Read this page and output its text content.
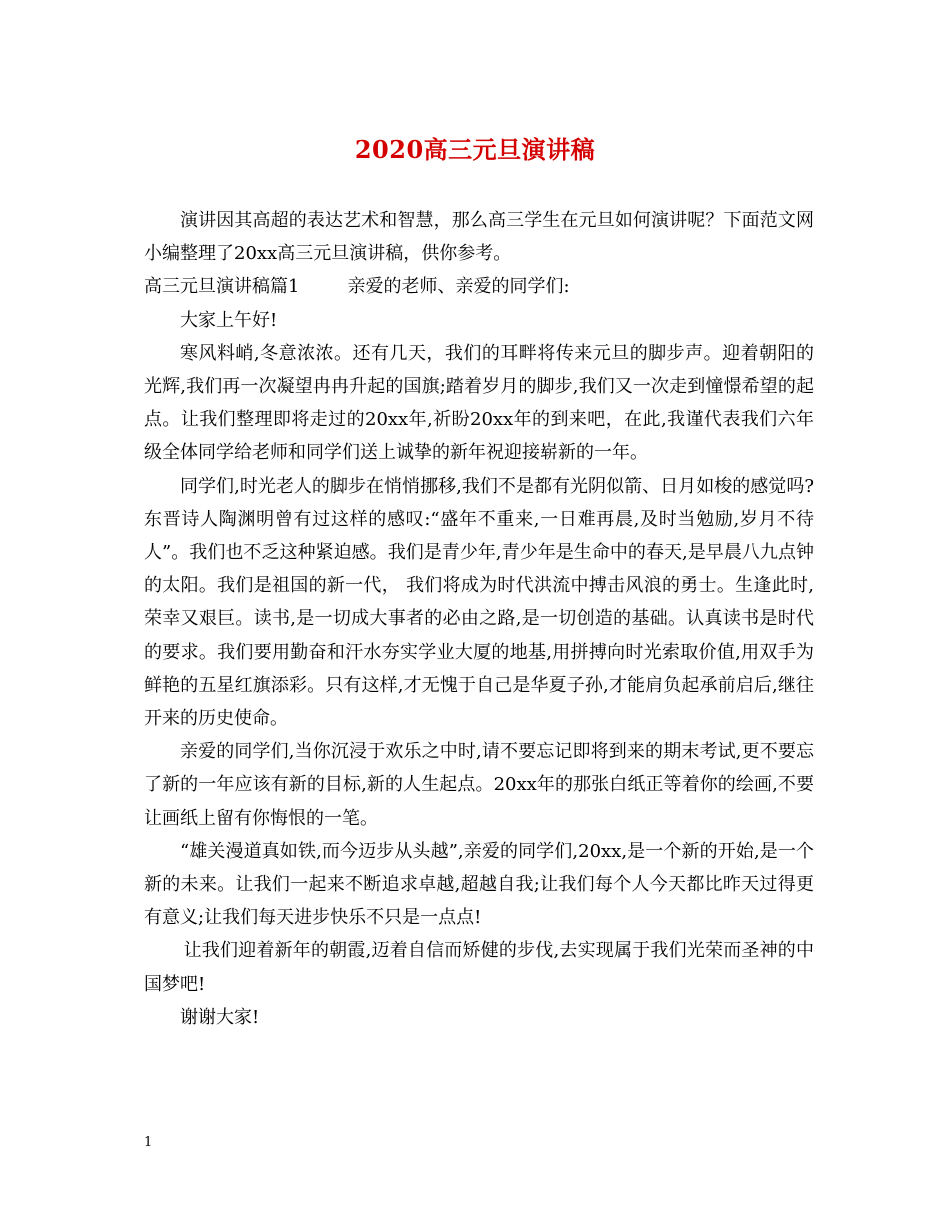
2020高三元旦演讲稿

演讲因其高超的表达艺术和智慧，那么高三学生在元旦如何演讲呢？下面范文网小编整理了20xx高三元旦演讲稿，供你参考。

高三元旦演讲稿篇1	亲爱的老师、亲爱的同学们:

大家上午好!

寒风料峭,冬意浓浓。还有几天，我们的耳畔将传来元旦的脚步声。迎着朝阳的光辉,我们再一次凝望冉冉升起的国旗;踏着岁月的脚步,我们又一次走到憧憬希望的起点。让我们整理即将走过的20xx年,祈盼20xx年的到来吧，在此,我谨代表我们六年级全体同学给老师和同学们送上诚挚的新年祝迎接崭新的一年。

同学们,时光老人的脚步在悄悄挪移,我们不是都有光阴似箭、日月如梭的感觉吗?东晋诗人陶渊明曾有过这样的感叹:“盛年不重来,一日难再晨,及时当勉励,岁月不待人”。我们也不乏这种紧迫感。我们是青少年,青少年是生命中的春天,是早晨八九点钟的太阳。我们是祖国的新一代， 我们将成为时代洪流中搏击风浪的勇士。生逢此时,荣幸又艰巨。读书,是一切成大事者的必由之路,是一切创造的基础。认真读书是时代的要求。我们要用勤奋和汗水夯实学业大厦的地基,用拼搏向时光索取价值,用双手为鲜艳的五星红旗添彩。只有这样,才无愧于自己是华夏子孙,才能肩负起承前启后,继往开来的历史使命。

亲爱的同学们,当你沉浸于欢乐之中时,请不要忘记即将到来的期末考试,更不要忘了新的一年应该有新的目标,新的人生起点。20xx年的那张白纸正等着你的绘画,不要让画纸上留有你悔恨的一笔。

“雄关漫道真如铁,而今迈步从头越”,亲爱的同学们,20xx,是一个新的开始,是一个新的未来。让我们一起来不断追求卓越,超越自我;让我们每个人今天都比昨天过得更有意义;让我们每天进步快乐不只是一点点!

让我们迎着新年的朝霞,迈着自信而矫健的步伐,去实现属于我们光荣而圣神的中国梦吧!

谢谢大家!

1
